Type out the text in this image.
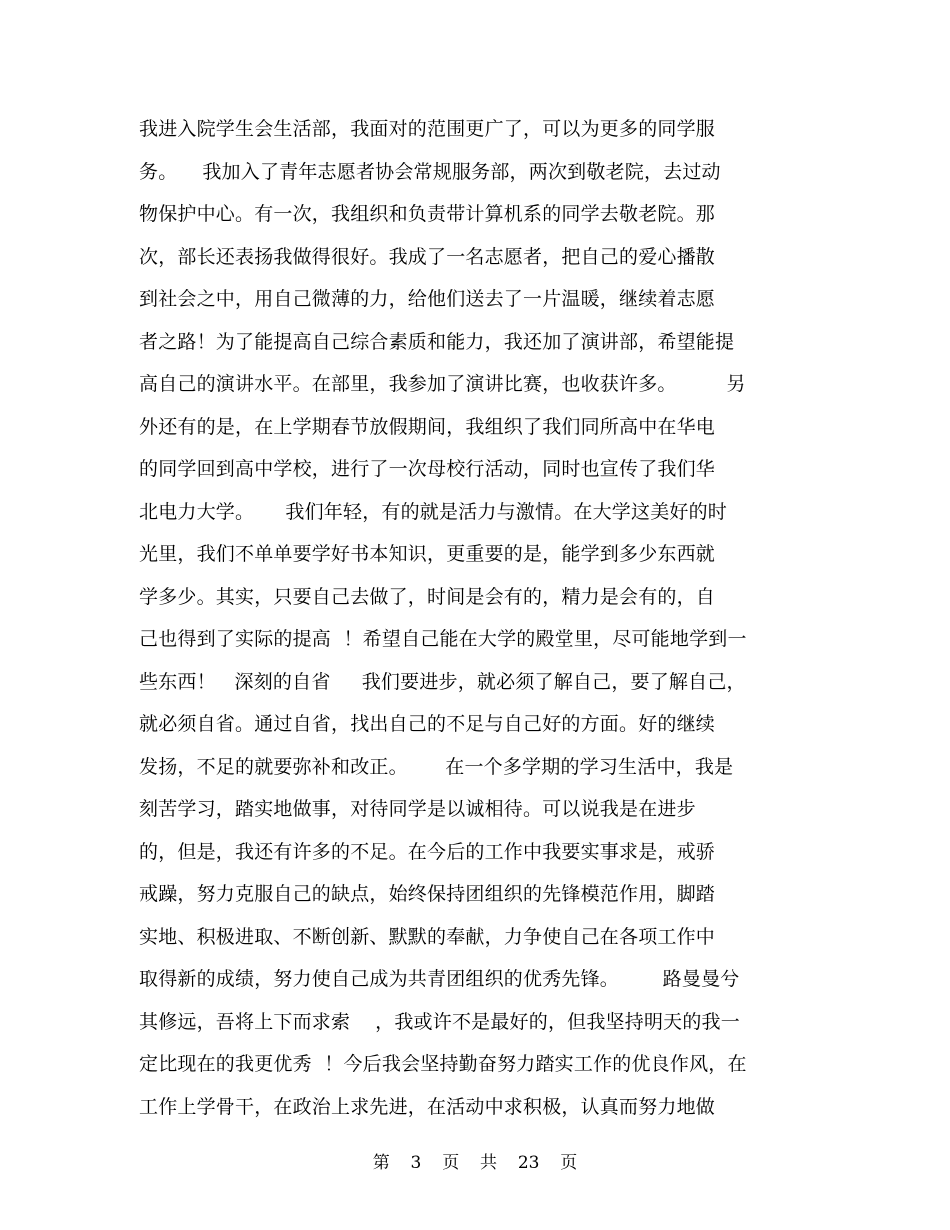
我进入院学生会生活部，我面对的范围更广了，可以为更多的同学服
务。    我加入了青年志愿者协会常规服务部，两次到敬老院，去过动
物保护中心。有一次，我组织和负责带计算机系的同学去敬老院。那
次，部长还表扬我做得很好。我成了一名志愿者，把自己的爱心播散
到社会之中，用自己微薄的力，给他们送去了一片温暖，继续着志愿
者之路！为了能提高自己综合素质和能力，我还加了演讲部，希望能提
高自己的演讲水平。在部里，我参加了演讲比赛，也收获许多。        另
外还有的是，在上学期春节放假期间，我组织了我们同所高中在华电
的同学回到高中学校，进行了一次母校行活动，同时也宣传了我们华
北电力大学。     我们年轻，有的就是活力与激情。在大学这美好的时
光里，我们不单单要学好书本知识，更重要的是，能学到多少东西就
学多少。其实，只要自己去做了，时间是会有的，精力是会有的，自
己也得到了实际的提高  ！希望自己能在大学的殿堂里，尽可能地学到一
些东西！   深刻的自省     我们要进步，就必须了解自己，要了解自己，
就必须自省。通过自省，找出自己的不足与自己好的方面。好的继续
发扬，不足的就要弥补和改正。      在一个多学期的学习生活中，我是
刻苦学习，踏实地做事，对待同学是以诚相待。可以说我是在进步
的，但是，我还有许多的不足。在今后的工作中我要实事求是，戒骄
戒躁，努力克服自己的缺点，始终保持团组织的先锋模范作用，脚踏
实地、积极进取、不断创新、默默的奉献，力争使自己在各项工作中
取得新的成绩，努力使自己成为共青团组织的优秀先锋。       路曼曼兮
其修远，吾将上下而求索    ，我或许不是最好的，但我坚持明天的我一
定比现在的我更优秀  ！今后我会坚持勤奋努力踏实工作的优良作风，在
工作上学骨干，在政治上求先进，在活动中求积极，认真而努力地做
第 3 页 共 23 页
